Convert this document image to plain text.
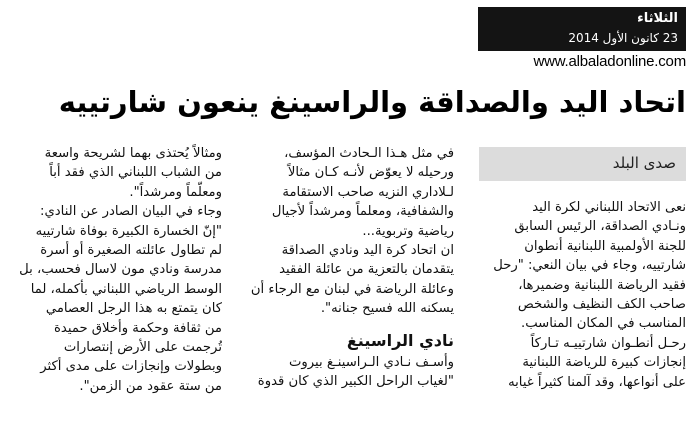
الثلاثاء
23 كانون الأول 2014
www.albaladonline.com
اتحاد اليد والصداقة والراسينغ ينعون شارتييه
صدى البلد
نعى الاتحاد اللبناني لكرة اليد
ونـادي الصداقة، الرئيس السابق
للجنة الأولمبية اللبنانية أنطوان
شارتييه، وجاء في بيان النعي: "رحل
فقيد الرياضة اللبنانية وضميرها،
صاحب الكف النظيف والشخص
المناسب في المكان المناسب.
رحـل أنطـوان شارتييـه تـاركاً
إنجازات كبيرة للرياضة اللبنانية
على أنواعها، وقد آلمنا كثيراً غيابه
في مثل هـذا الـحادث المؤسف،
ورحيله لا يعوّض لأنـه كـان مثالاً
لـلاداري النزيه صاحب الاستقامة
والشفافية، ومعلماً ومرشداً لأجيال
رياضية وتربوية...
ان اتحاد كرة اليد ونادي الصداقة
يتقدمان بالتعزية من عائلة الفقيد
وعائلة الرياضة في لبنان مع الرجاء أن
يسكنه الله فسيح جنانه".
نادي الراسينغ
وأسـف نـادي الـراسينـغ بيروت
"لغياب الراحل الكبير الذي كان قدوة
ومثالاً يُحتذى بهما لشريحة واسعة
من الشباب اللبناني الذي فقد أباً
ومعلّماً ومرشداً".
وجاء في البيان الصادر عن النادي:
"إنّ الخسارة الكبيرة بوفاة شارتييه
لم تطاول عائلته الصغيرة أو أسرة
مدرسة ونادي مون لاسال فحسب، بل
الوسط الرياضي اللبناني بأكمله، لما
كان يتمتع به هذا الرجل العصامي
من ثقافة وحكمة وأخلاق حميدة
تُرجمت على الأرض إنتصارات
وبطولات وإنجازات على مدى أكثر
من ستة عقود من الزمن".
